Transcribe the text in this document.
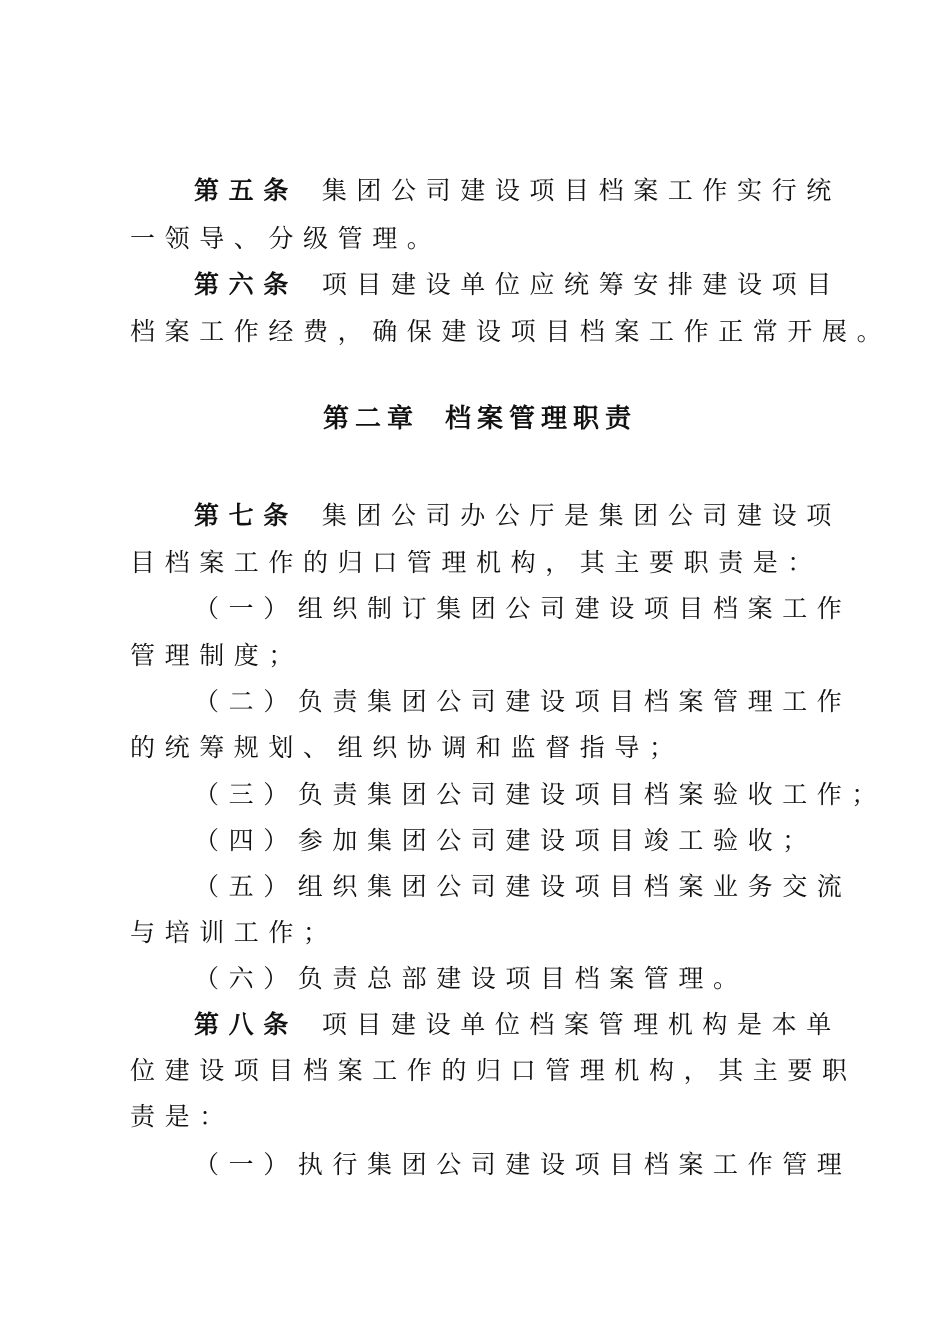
第五条 集团公司建设项目档案工作实行统
一领导、分级管理。
第六条 项目建设单位应统筹安排建设项目
档案工作经费，确保建设项目档案工作正常开展。
第二章 档案管理职责
第七条 集团公司办公厅是集团公司建设项
目档案工作的归口管理机构，其主要职责是：
（一）组织制订集团公司建设项目档案工作
管理制度；
（二）负责集团公司建设项目档案管理工作
的统筹规划、组织协调和监督指导；
（三）负责集团公司建设项目档案验收工作；
（四）参加集团公司建设项目竣工验收；
（五）组织集团公司建设项目档案业务交流
与培训工作；
（六）负责总部建设项目档案管理。
第八条 项目建设单位档案管理机构是本单
位建设项目档案工作的归口管理机构，其主要职
责是：
（一）执行集团公司建设项目档案工作管理
